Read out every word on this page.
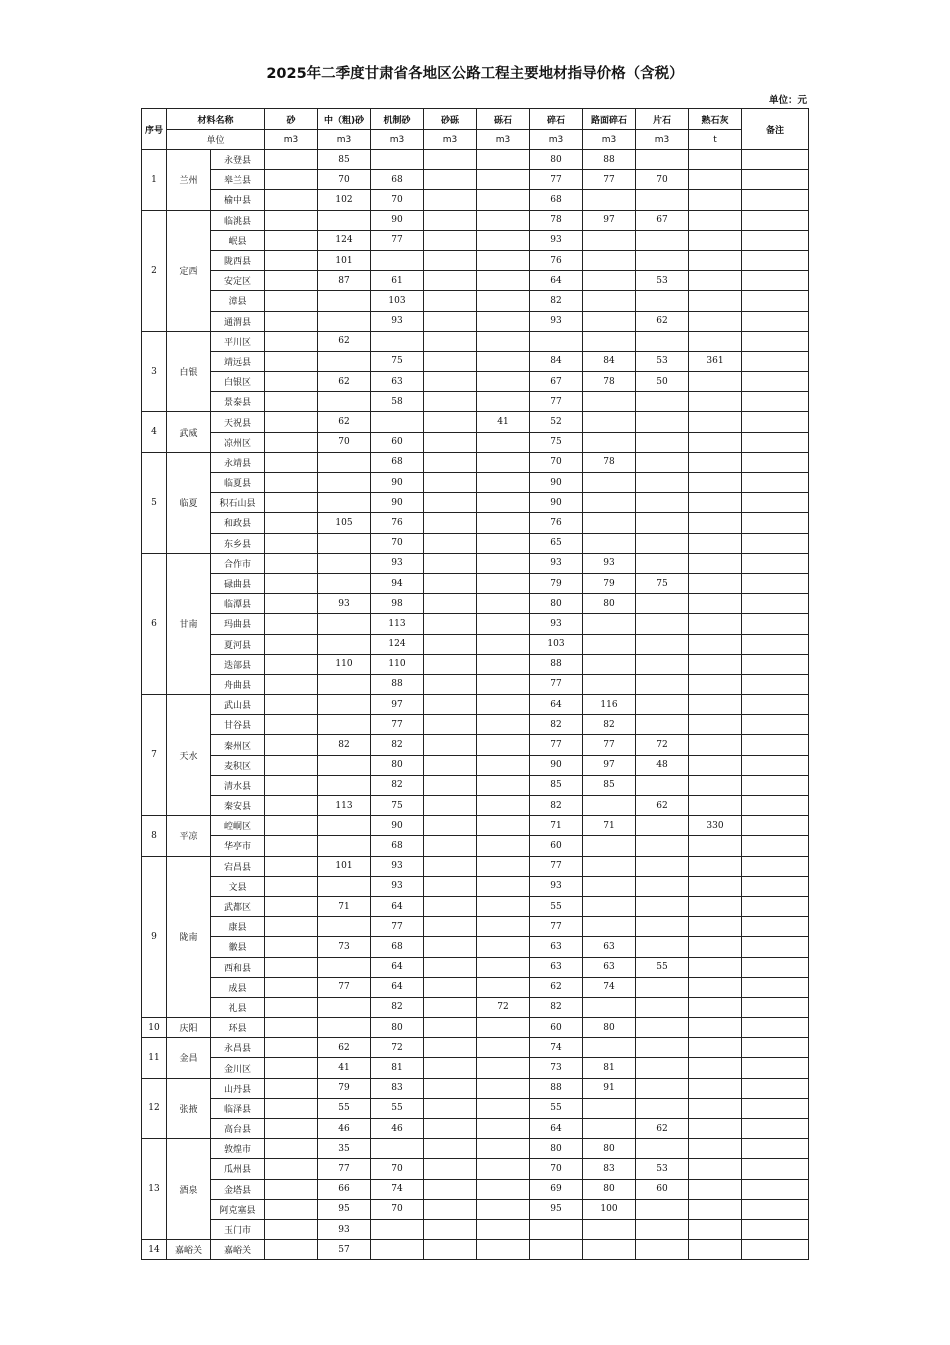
2025年二季度甘肃省各地区公路工程主要地材指导价格（含税）
单位：元
序号	材料名称		砂	中（粗)砂	机制砂	砂砾	砾石	碎石	路面碎石	片石	熟石灰	备注
	单位		m3	m3	m3	m3	m3	m3	m3	m3	t	
1	兰州	永登县		85				80	88			
		皋兰县		70	68			77	77	70		
		榆中县		102	70			68				
2	定西	临洮县			90			78	97	67		
		岷县		124	77			93				
		陇西县		101				76				
		安定区		87	61			64		53		
		漳县			103			82				
		通渭县			93			93		62		
3	白银	平川区		62								
		靖远县			75			84	84	53	361	
		白银区		62	63			67	78	50		
		景泰县			58			77				
4	武威	天祝县		62			41	52				
		凉州区		70	60			75				
5	临夏	永靖县			68			70	78			
		临夏县			90			90				
		积石山县			90			90				
		和政县		105	76			76				
		东乡县			70			65				
6	甘南	合作市			93			93	93			
		碌曲县			94			79	79	75		
		临潭县		93	98			80	80			
		玛曲县			113			93				
		夏河县			124			103				
		迭部县		110	110			88				
		舟曲县			88			77				
7	天水	武山县			97			64	116			
		甘谷县			77			82	82			
		秦州区		82	82			77	77	72		
		麦积区			80			90	97	48		
		清水县			82			85	85			
		秦安县		113	75			82		62		
8	平凉	崆峒区			90			71	71		330	
		华亭市			68			60				
9	陇南	宕昌县		101	93			77				
		文县			93			93				
		武都区		71	64			55				
		康县			77			77				
		徽县		73	68			63	63			
		西和县			64			63	63	55		
		成县		77	64			62	74			
		礼县			82		72	82				
10	庆阳	环县			80			60	80			
11	金昌	永昌县		62	72			74				
		金川区		41	81			73	81			
12	张掖	山丹县		79	83			88	91			
		临泽县		55	55			55				
		高台县		46	46			64		62		
13	酒泉	敦煌市		35				80	80			
		瓜州县		77	70			70	83	53		
		金塔县		66	74			69	80	60		
		阿克塞县		95	70			95	100			
		玉门市		93								
14	嘉峪关	嘉峪关		57								
